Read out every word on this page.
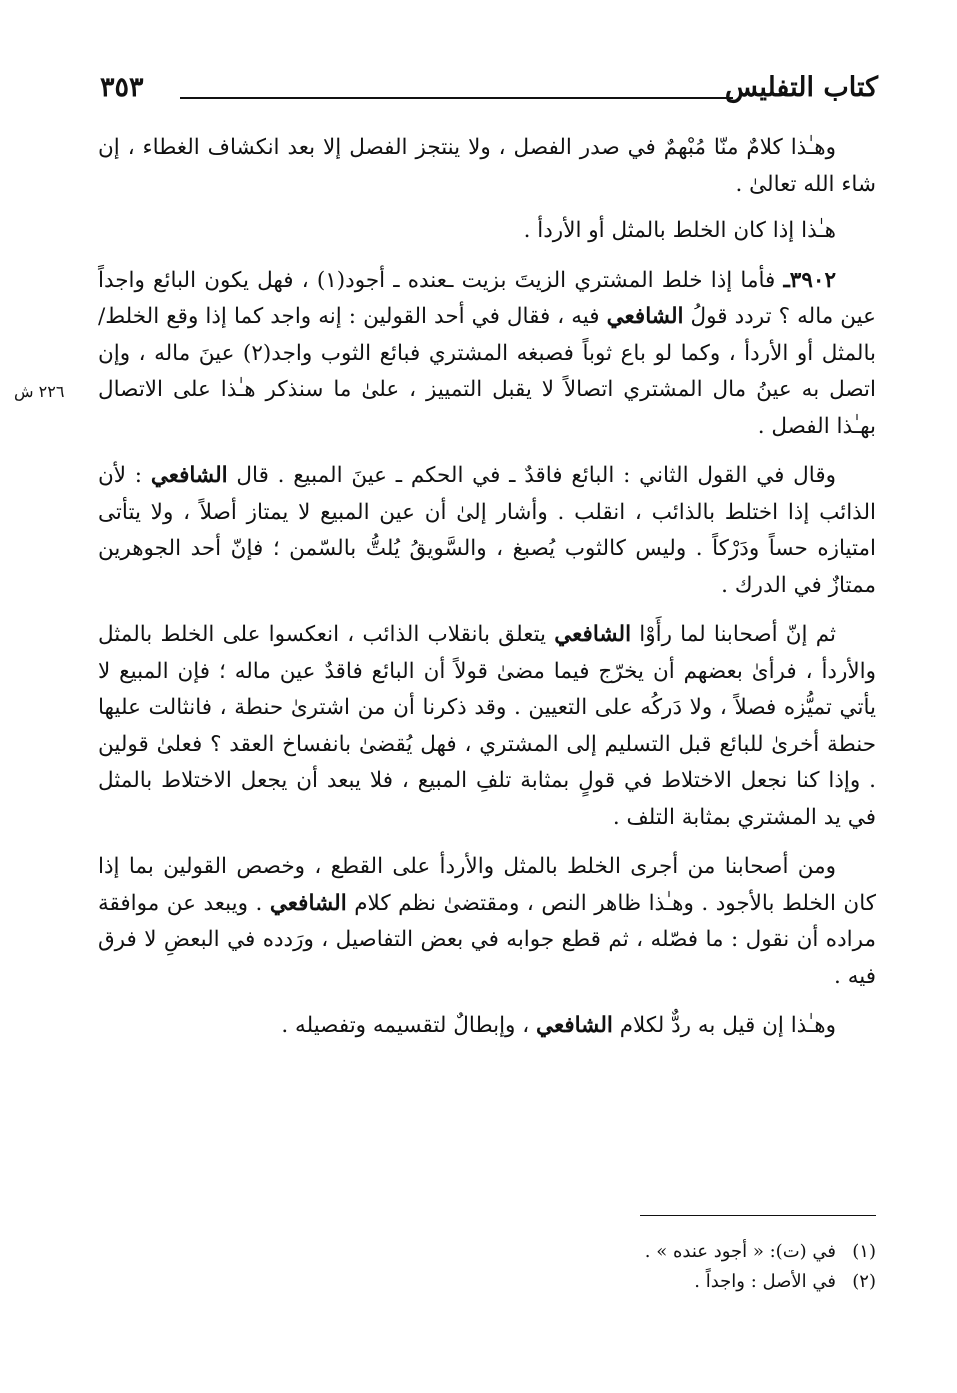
كتاب التفليس
٣٥٣
٢٢٦ ش

وهـٰذا كلامٌ منّا مُبْهمٌ في صدر الفصل ، ولا ينتجز الفصل إلا بعد انكشاف الغطاء ، إن شاء الله تعالىٰ .

هـٰذا إذا كان الخلط بالمثل أو الأردأ .

٣٩٠٢ـ فأما إذا خلط المشتري الزيتَ بزيت ـعنده ـ أجود(١) ، فهل يكون البائع واجداً عين ماله ؟ تردد قولُ الشافعي فيه ، فقال في أحد القولين : إنه واجد كما إذا وقع الخلط/ بالمثل أو الأردأ ، وكما لو باع ثوباً فصبغه المشتري فبائع الثوب واجد(٢) عينَ ماله ، وإن اتصل به عينُ مال المشتري اتصالاً لا يقبل التمييز ، علىٰ ما سنذكر هـٰذا على الاتصال بهـٰذا الفصل .

وقال في القول الثاني : البائع فاقدٌ ـ في الحكم ـ عينَ المبيع . قال الشافعي : لأن الذائب إذا اختلط بالذائب ، انقلب . وأشار إلىٰ أن عين المبيع لا يمتاز أصلاً ، ولا يتأتى امتيازه حساً ودَرْكاً . وليس كالثوب يُصبغ ، والسَّويقُ يُلتُّ بالسّمن ؛ فإنّ أحد الجوهرين ممتازٌ في الدرك .

ثم إنّ أصحابنا لما رأَوْا الشافعي يتعلق بانقلاب الذائب ، انعكسوا على الخلط بالمثل والأردأ ، فرأىٰ بعضهم أن يخرّج فيما مضىٰ قولاً أن البائع فاقدٌ عين ماله ؛ فإن المبيع لا يأتي تميُّزه فصلاً ، ولا دَركُه على التعيين . وقد ذكرنا أن من اشترىٰ حنطة ، فانثالت عليها حنطة أخرىٰ للبائع قبل التسليم إلى المشتري ، فهل يُقضىٰ بانفساخ العقد ؟ فعلىٰ قولين . وإذا كنا نجعل الاختلاط في قولٍ بمثابة تلفِ المبيع ، فلا يبعد أن يجعل الاختلاط بالمثل في يد المشتري بمثابة التلف .

ومن أصحابنا من أجرى الخلط بالمثل والأردأ على القطع ، وخصص القولين بما إذا كان الخلط بالأجود . وهـٰذا ظاهر النص ، ومقتضىٰ نظم كلام الشافعي . ويبعد عن موافقة مراده أن نقول : ما فصّله ، ثم قطع جوابه في بعض التفاصيل ، ورَدده في البعضِ لا فرق فيه .

وهـٰذا إن قيل به ردٌّ لكلام الشافعي ، وإبطالٌ لتقسيمه وتفصيله .

(١)في (ت): « أجود عنده » .
(٢)في الأصل : واجداً .
